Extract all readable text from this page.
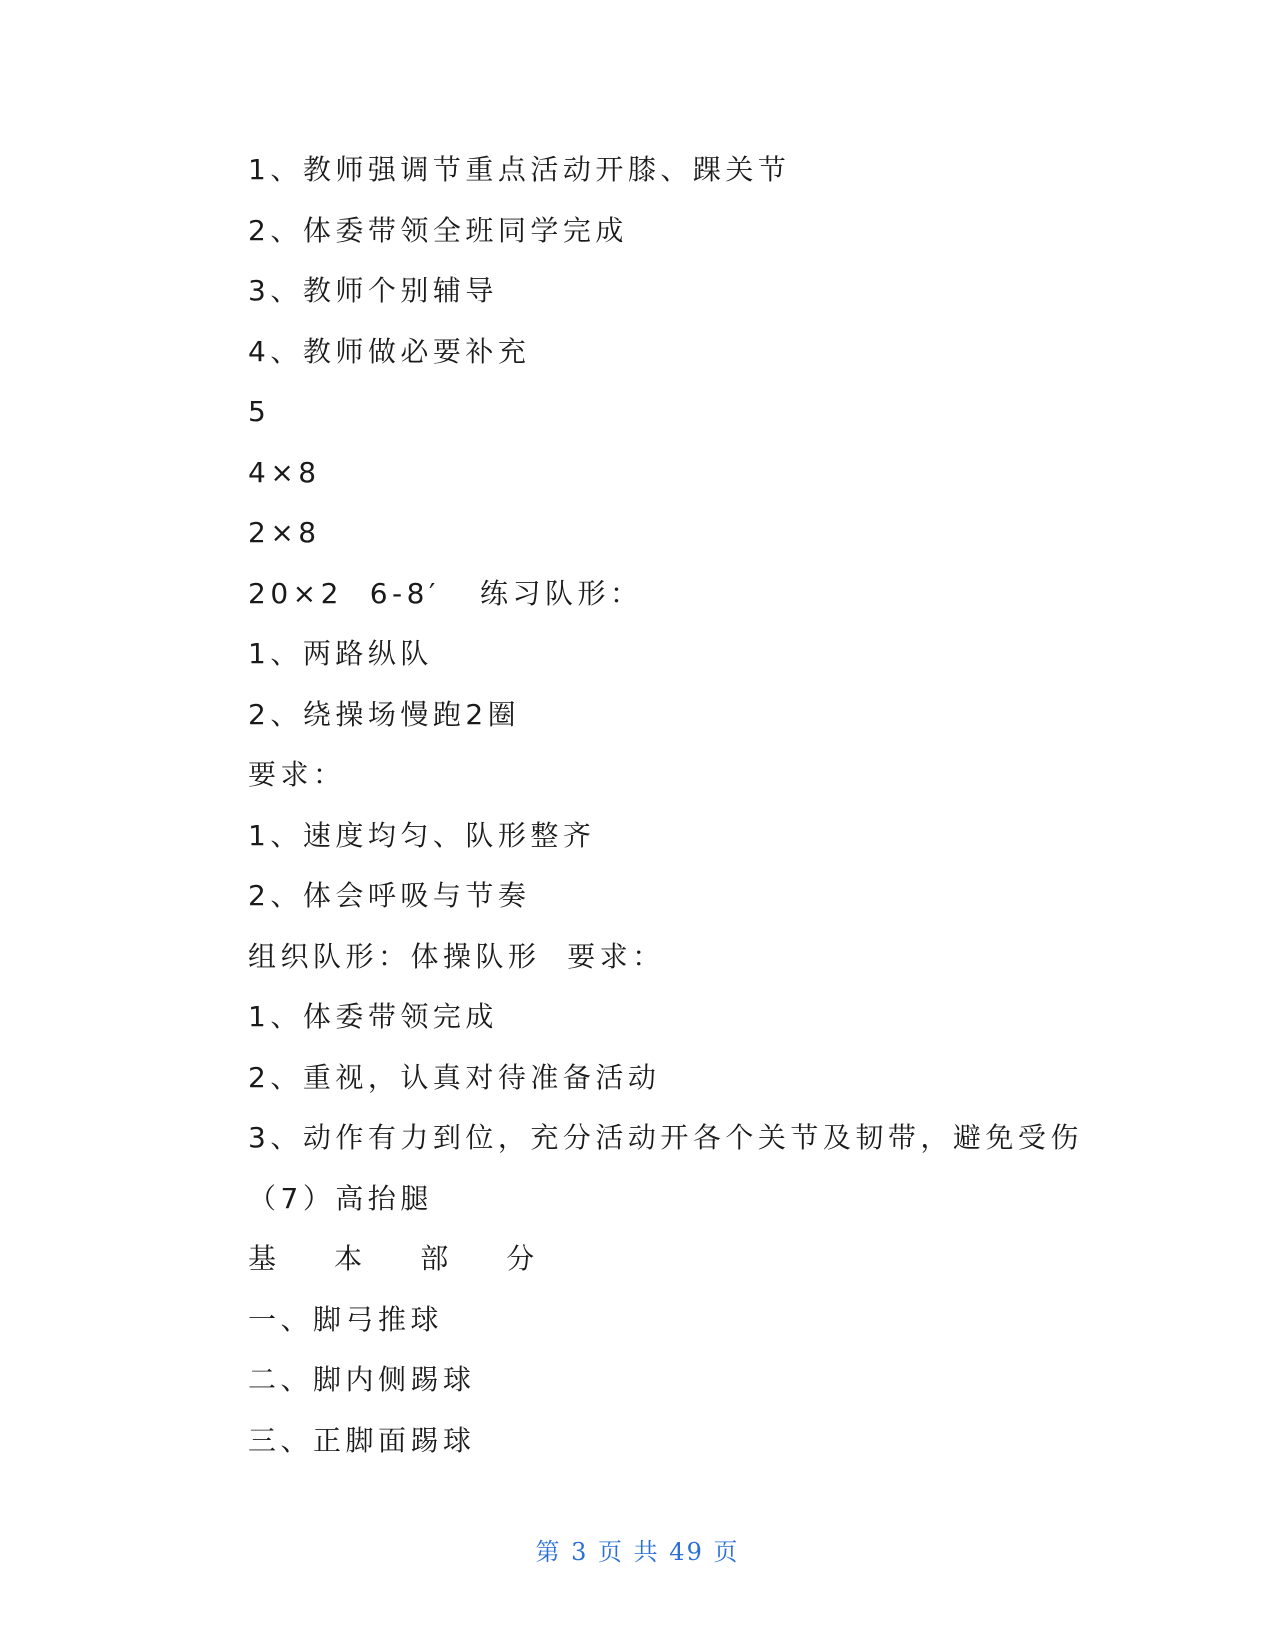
1、教师强调节重点活动开膝、踝关节
2、体委带领全班同学完成
3、教师个别辅导
4、教师做必要补充
5
4×8
2×8
20×2  6-8′   练习队形：
1、两路纵队
2、绕操场慢跑2圈
要求：
1、速度均匀、队形整齐
2、体会呼吸与节奏
组织队形：体操队形  要求：
1、体委带领完成
2、重视，认真对待准备活动
3、动作有力到位，充分活动开各个关节及韧带，避免受伤
（7）高抬腿
基    本    部    分
一、脚弓推球
二、脚内侧踢球
三、正脚面踢球
第 3 页 共 49 页
